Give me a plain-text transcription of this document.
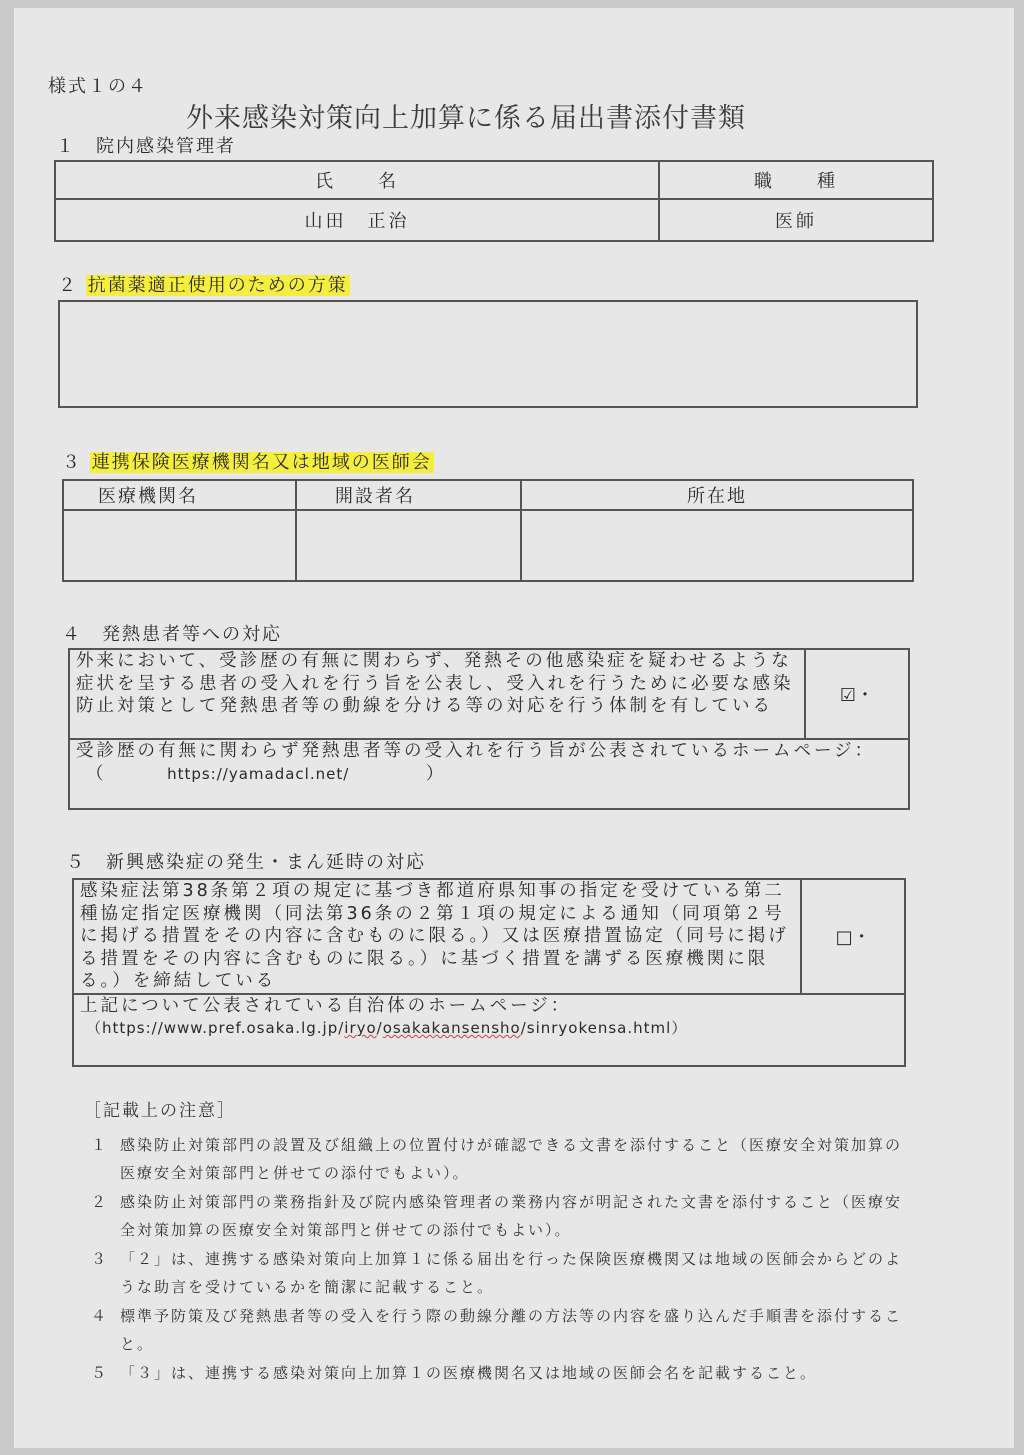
様式１の４
外来感染対策向上加算に係る届出書添付書類
１　院内感染管理者
氏　　名	職　　種
山田　正治	医師
２ 抗菌薬適正使用のための方策
３ 連携保険医療機関名又は地域の医師会
医療機関名	開設者名	所在地

４　発熱患者等への対応
外来において、受診歴の有無に関わらず、発熱その他感染症を疑わせるような症状を呈する患者の受入れを行う旨を公表し、受入れを行うために必要な感染防止対策として発熱患者等の動線を分ける等の対応を行う体制を有している	☑・

受診歴の有無に関わらず発熱患者等の受入れを行う旨が公表されているホームページ：
（	https://yamadacl.net/	）
５　新興感染症の発生・まん延時の対応
感染症法第38条第２項の規定に基づき都道府県知事の指定を受けている第二種協定指定医療機関（同法第36条の２第１項の規定による通知（同項第２号に掲げる措置をその内容に含むものに限る。）又は医療措置協定（同号に掲げる措置をその内容に含むものに限る。）に基づく措置を講ずる医療機関に限る。）を締結している	□・

上記について公表されている自治体のホームページ：
（https://www.pref.osaka.lg.jp/iryo/osakakansensho/sinryokensa.html）
［記載上の注意］
１ 感染防止対策部門の設置及び組織上の位置付けが確認できる文書を添付すること（医療安全対策加算の医療安全対策部門と併せての添付でもよい）。
２ 感染防止対策部門の業務指針及び院内感染管理者の業務内容が明記された文書を添付すること（医療安全対策加算の医療安全対策部門と併せての添付でもよい）。
３ 「２」は、連携する感染対策向上加算１に係る届出を行った保険医療機関又は地域の医師会からどのような助言を受けているかを簡潔に記載すること。
４ 標準予防策及び発熱患者等の受入を行う際の動線分離の方法等の内容を盛り込んだ手順書を添付すること。
５ 「３」は、連携する感染対策向上加算１の医療機関名又は地域の医師会名を記載すること。
